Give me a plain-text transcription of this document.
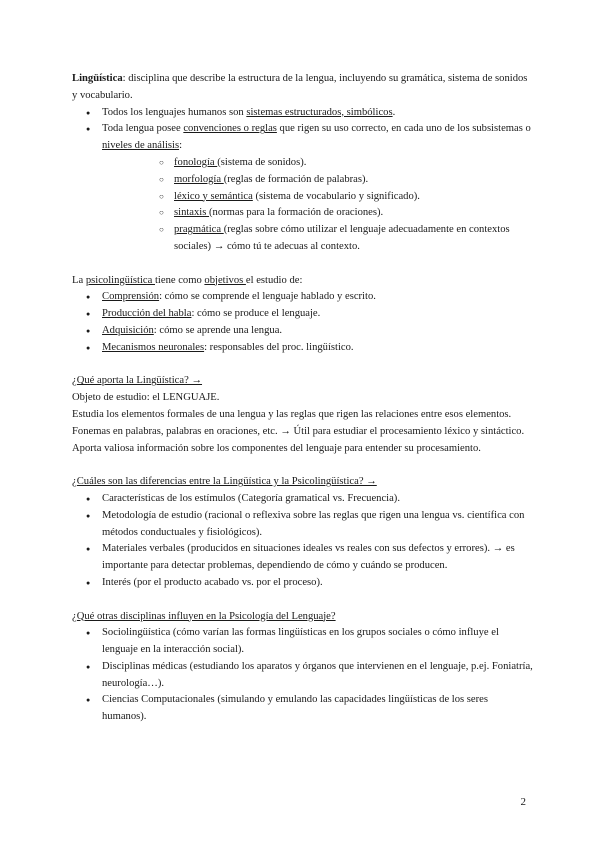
Lingüística: disciplina que describe la estructura de la lengua, incluyendo su gramática, sistema de sonidos y vocabulario.

● Todos los lenguajes humanos son sistemas estructurados, simbólicos.
● Toda lengua posee convenciones o reglas que rigen su uso correcto, en cada uno de los subsistemas o niveles de análisis:
○ fonología (sistema de sonidos).
○ morfología (reglas de formación de palabras).
○ léxico y semántica (sistema de vocabulario y significado).
○ sintaxis (normas para la formación de oraciones).
○ pragmática (reglas sobre cómo utilizar el lenguaje adecuadamente en contextos sociales) → cómo tú te adecuas al contexto.

La psicolingüística tiene como objetivos el estudio de:

● Comprensión: cómo se comprende el lenguaje hablado y escrito.
● Producción del habla: cómo se produce el lenguaje.
● Adquisición: cómo se aprende una lengua.
● Mecanismos neuronales: responsables del proc. lingüístico.

¿Qué aporta la Lingüística? →

Objeto de estudio: el LENGUAJE.

Estudia los elementos formales de una lengua y las reglas que rigen las relaciones entre esos elementos.

Fonemas en palabras, palabras en oraciones, etc. → Útil para estudiar el procesamiento léxico y sintáctico.

Aporta valiosa información sobre los componentes del lenguaje para entender su procesamiento.

¿Cuáles son las diferencias entre la Lingüística y la Psicolingüística? →

● Características de los estímulos (Categoría gramatical vs. Frecuencia).
● Metodología de estudio (racional o reflexiva sobre las reglas que rigen una lengua vs. científica con métodos conductuales y fisiológicos).
● Materiales verbales (producidos en situaciones ideales vs reales con sus defectos y errores). → es importante para detectar problemas, dependiendo de cómo y cuándo se producen.
● Interés (por el producto acabado vs. por el proceso).

¿Qué otras disciplinas influyen en la Psicología del Lenguaje?

● Sociolingüística (cómo varían las formas lingüísticas en los grupos sociales o cómo influye el lenguaje en la interacción social).
● Disciplinas médicas (estudiando los aparatos y órganos que intervienen en el lenguaje, p.ej. Foniatría, neurología…).
● Ciencias Computacionales (simulando y emulando las capacidades lingüísticas de los seres humanos).
2
